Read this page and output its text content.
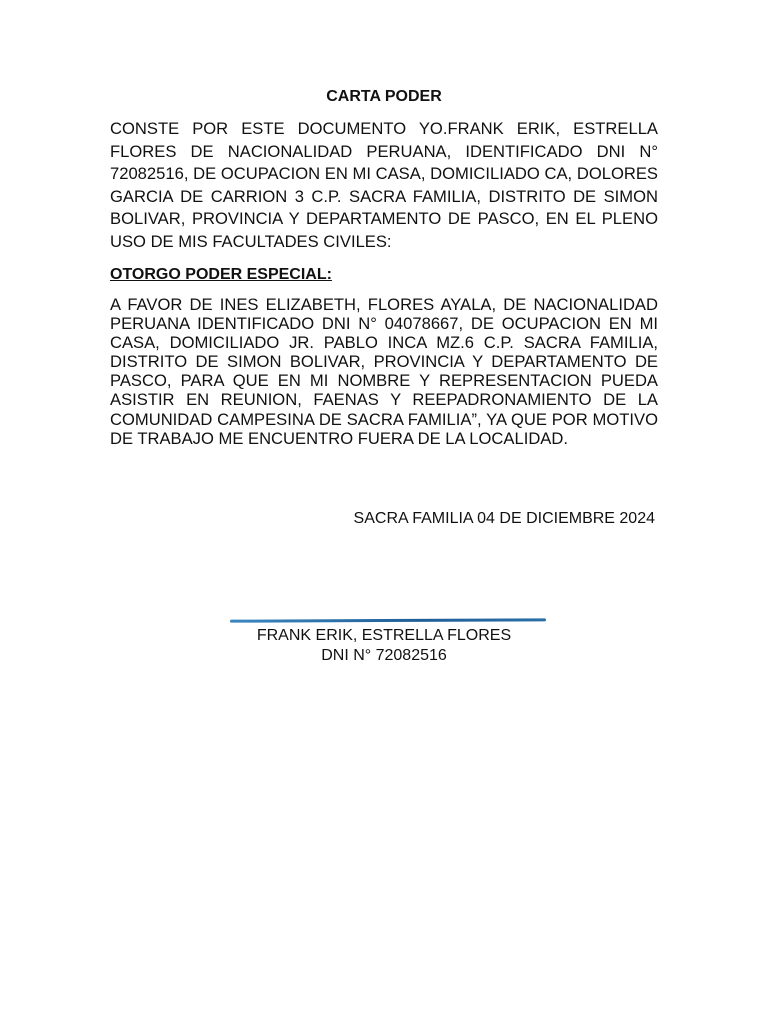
CARTA PODER

CONSTE POR ESTE DOCUMENTO YO.FRANK ERIK, ESTRELLA FLORES DE NACIONALIDAD PERUANA, IDENTIFICADO DNI N° 72082516, DE OCUPACION EN MI CASA, DOMICILIADO CA, DOLORES GARCIA DE CARRION 3 C.P. SACRA FAMILIA, DISTRITO DE SIMON BOLIVAR, PROVINCIA Y DEPARTAMENTO DE PASCO, EN EL PLENO USO DE MIS FACULTADES CIVILES:

OTORGO PODER ESPECIAL:

A FAVOR DE INES ELIZABETH, FLORES AYALA, DE NACIONALIDAD PERUANA IDENTIFICADO DNI N° 04078667, DE OCUPACION EN MI CASA, DOMICILIADO JR. PABLO INCA MZ.6 C.P. SACRA FAMILIA, DISTRITO DE SIMON BOLIVAR, PROVINCIA Y DEPARTAMENTO DE PASCO, PARA QUE EN MI NOMBRE Y REPRESENTACION PUEDA ASISTIR EN REUNION, FAENAS Y REEPADRONAMIENTO DE LA COMUNIDAD CAMPESINA DE SACRA FAMILIA”, YA QUE POR MOTIVO DE TRABAJO ME ENCUENTRO FUERA DE LA LOCALIDAD.

SACRA FAMILIA 04 DE DICIEMBRE 2024
FRANK ERIK, ESTRELLA FLORES
DNI N° 72082516
